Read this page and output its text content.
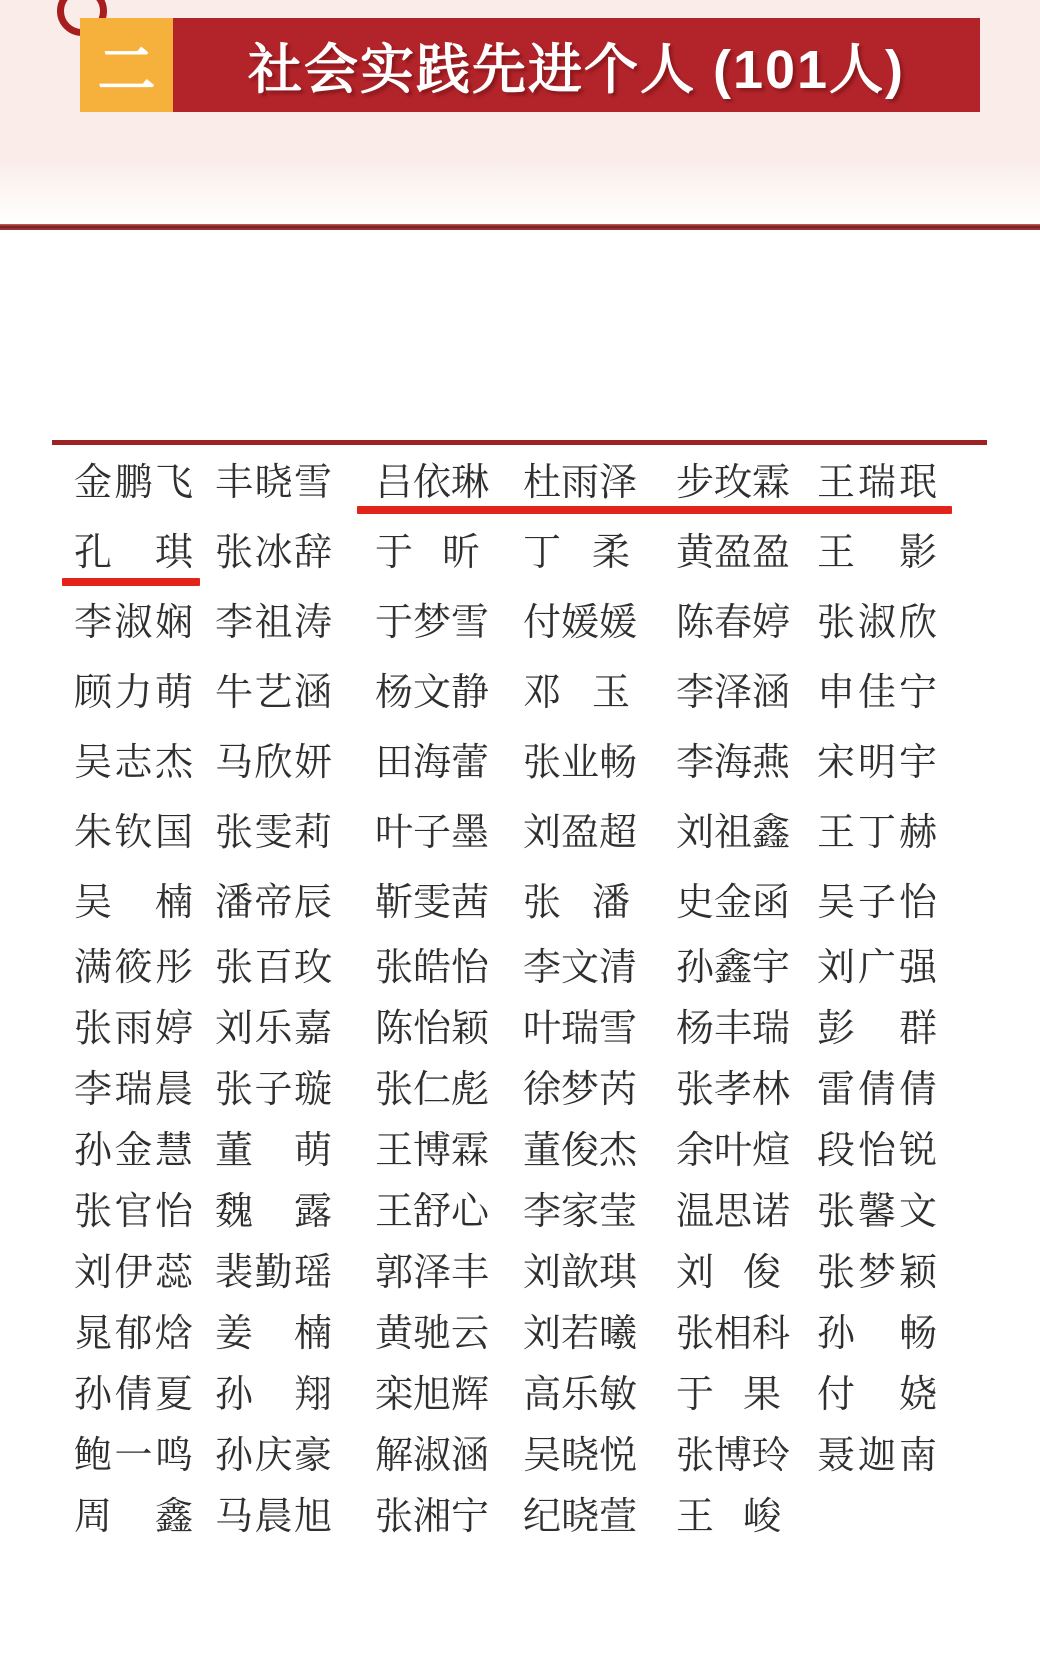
二 社会实践先进个人 (101人)
金鹏飞 丰晓雪 吕依琳 杜雨泽 步玫霖 王瑞珉
孔琪 张冰辞 于昕 丁柔 黄盈盈 王影
李淑娴 李祖涛 于梦雪 付媛媛 陈春婷 张淑欣
顾力萌 牛艺涵 杨文静 邓玉 李泽涵 申佳宁
吴志杰 马欣妍 田海蕾 张业畅 李海燕 宋明宇
朱钦国 张雯莉 叶子墨 刘盈超 刘祖鑫 王丁赫
吴楠 潘帝辰 靳雯茜 张潘 史金函 吴子怡
满筱彤 张百玫 张皓怡 李文清 孙鑫宇 刘广强
张雨婷 刘乐嘉 陈怡颖 叶瑞雪 杨丰瑞 彭群
李瑞晨 张子璇 张仁彪 徐梦芮 张孝林 雷倩倩
孙金慧 董萌 王博霖 董俊杰 余叶煊 段怡锐
张官怡 魏露 王舒心 李家莹 温思诺 张馨文
刘伊蕊 裴勤瑶 郭泽丰 刘歆琪 刘俊 张梦颖
晁郁焓 姜楠 黄驰云 刘若曦 张相科 孙畅
孙倩夏 孙翔 栾旭辉 高乐敏 于果 付娆
鲍一鸣 孙庆豪 解淑涵 吴晓悦 张博玲 聂迦南
周鑫 马晨旭 张湘宁 纪晓萱 王峻
